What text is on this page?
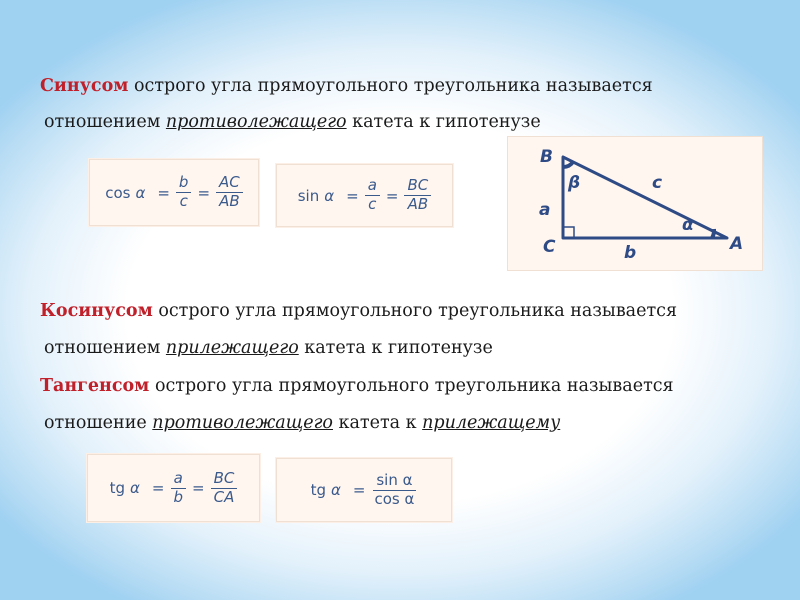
Синусом острого угла прямоугольного треугольника называется
отношением противолежащего катета к гипотенузе
$\cos \alpha = \frac{b}{c} = \frac{AC}{AB}$	$\sin \alpha = \frac{a}{c} = \frac{BC}{AB}$
B
β	c
a
α
C	b	A
Косинусом острого угла прямоугольного треугольника называется
отношением прилежащего катета к гипотенузе
Тангенсом острого угла прямоугольного треугольника называется
отношение противолежащего катета к прилежащему
tg $\alpha = \frac{a}{b} = \frac{BC}{CA}$	tg $\alpha = \frac{\text{sin α}}{\text{cos α}}$
